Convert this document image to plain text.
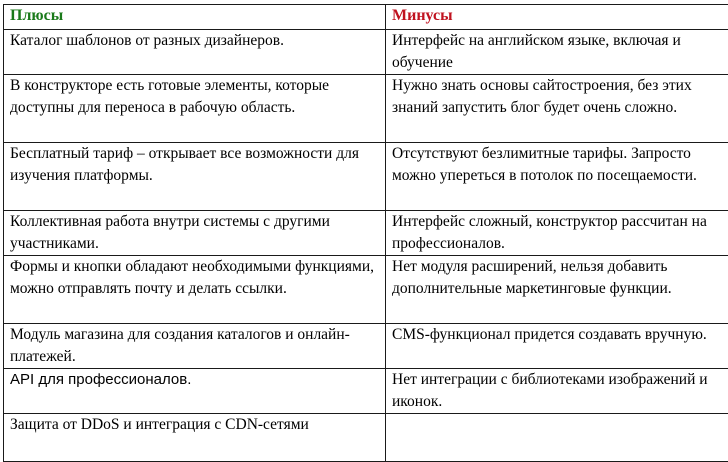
Плюсы	Минусы
Каталог шаблонов от разных дизайнеров.	Интерфейс на английском языке, включая и обучение
В конструкторе есть готовые элементы, которые доступны для переноса в рабочую область.	Нужно знать основы сайтостроения, без этих знаний запустить блог будет очень сложно.
Бесплатный тариф – открывает все возможности для изучения платформы.	Отсутствуют безлимитные тарифы. Запросто можно упереться в потолок по посещаемости.
Коллективная работа внутри системы с другими участниками.	Интерфейс сложный, конструктор рассчитан на профессионалов.
Формы и кнопки обладают необходимыми функциями, можно отправлять почту и делать ссылки.	Нет модуля расширений, нельзя добавить дополнительные маркетинговые функции.
Модуль магазина для создания каталогов и онлайн-платежей.	CMS-функционал придется создавать вручную.
API для профессионалов.	Нет интеграции с библиотеками изображений и иконок.
Защита от DDoS и интеграция с CDN-сетями	
